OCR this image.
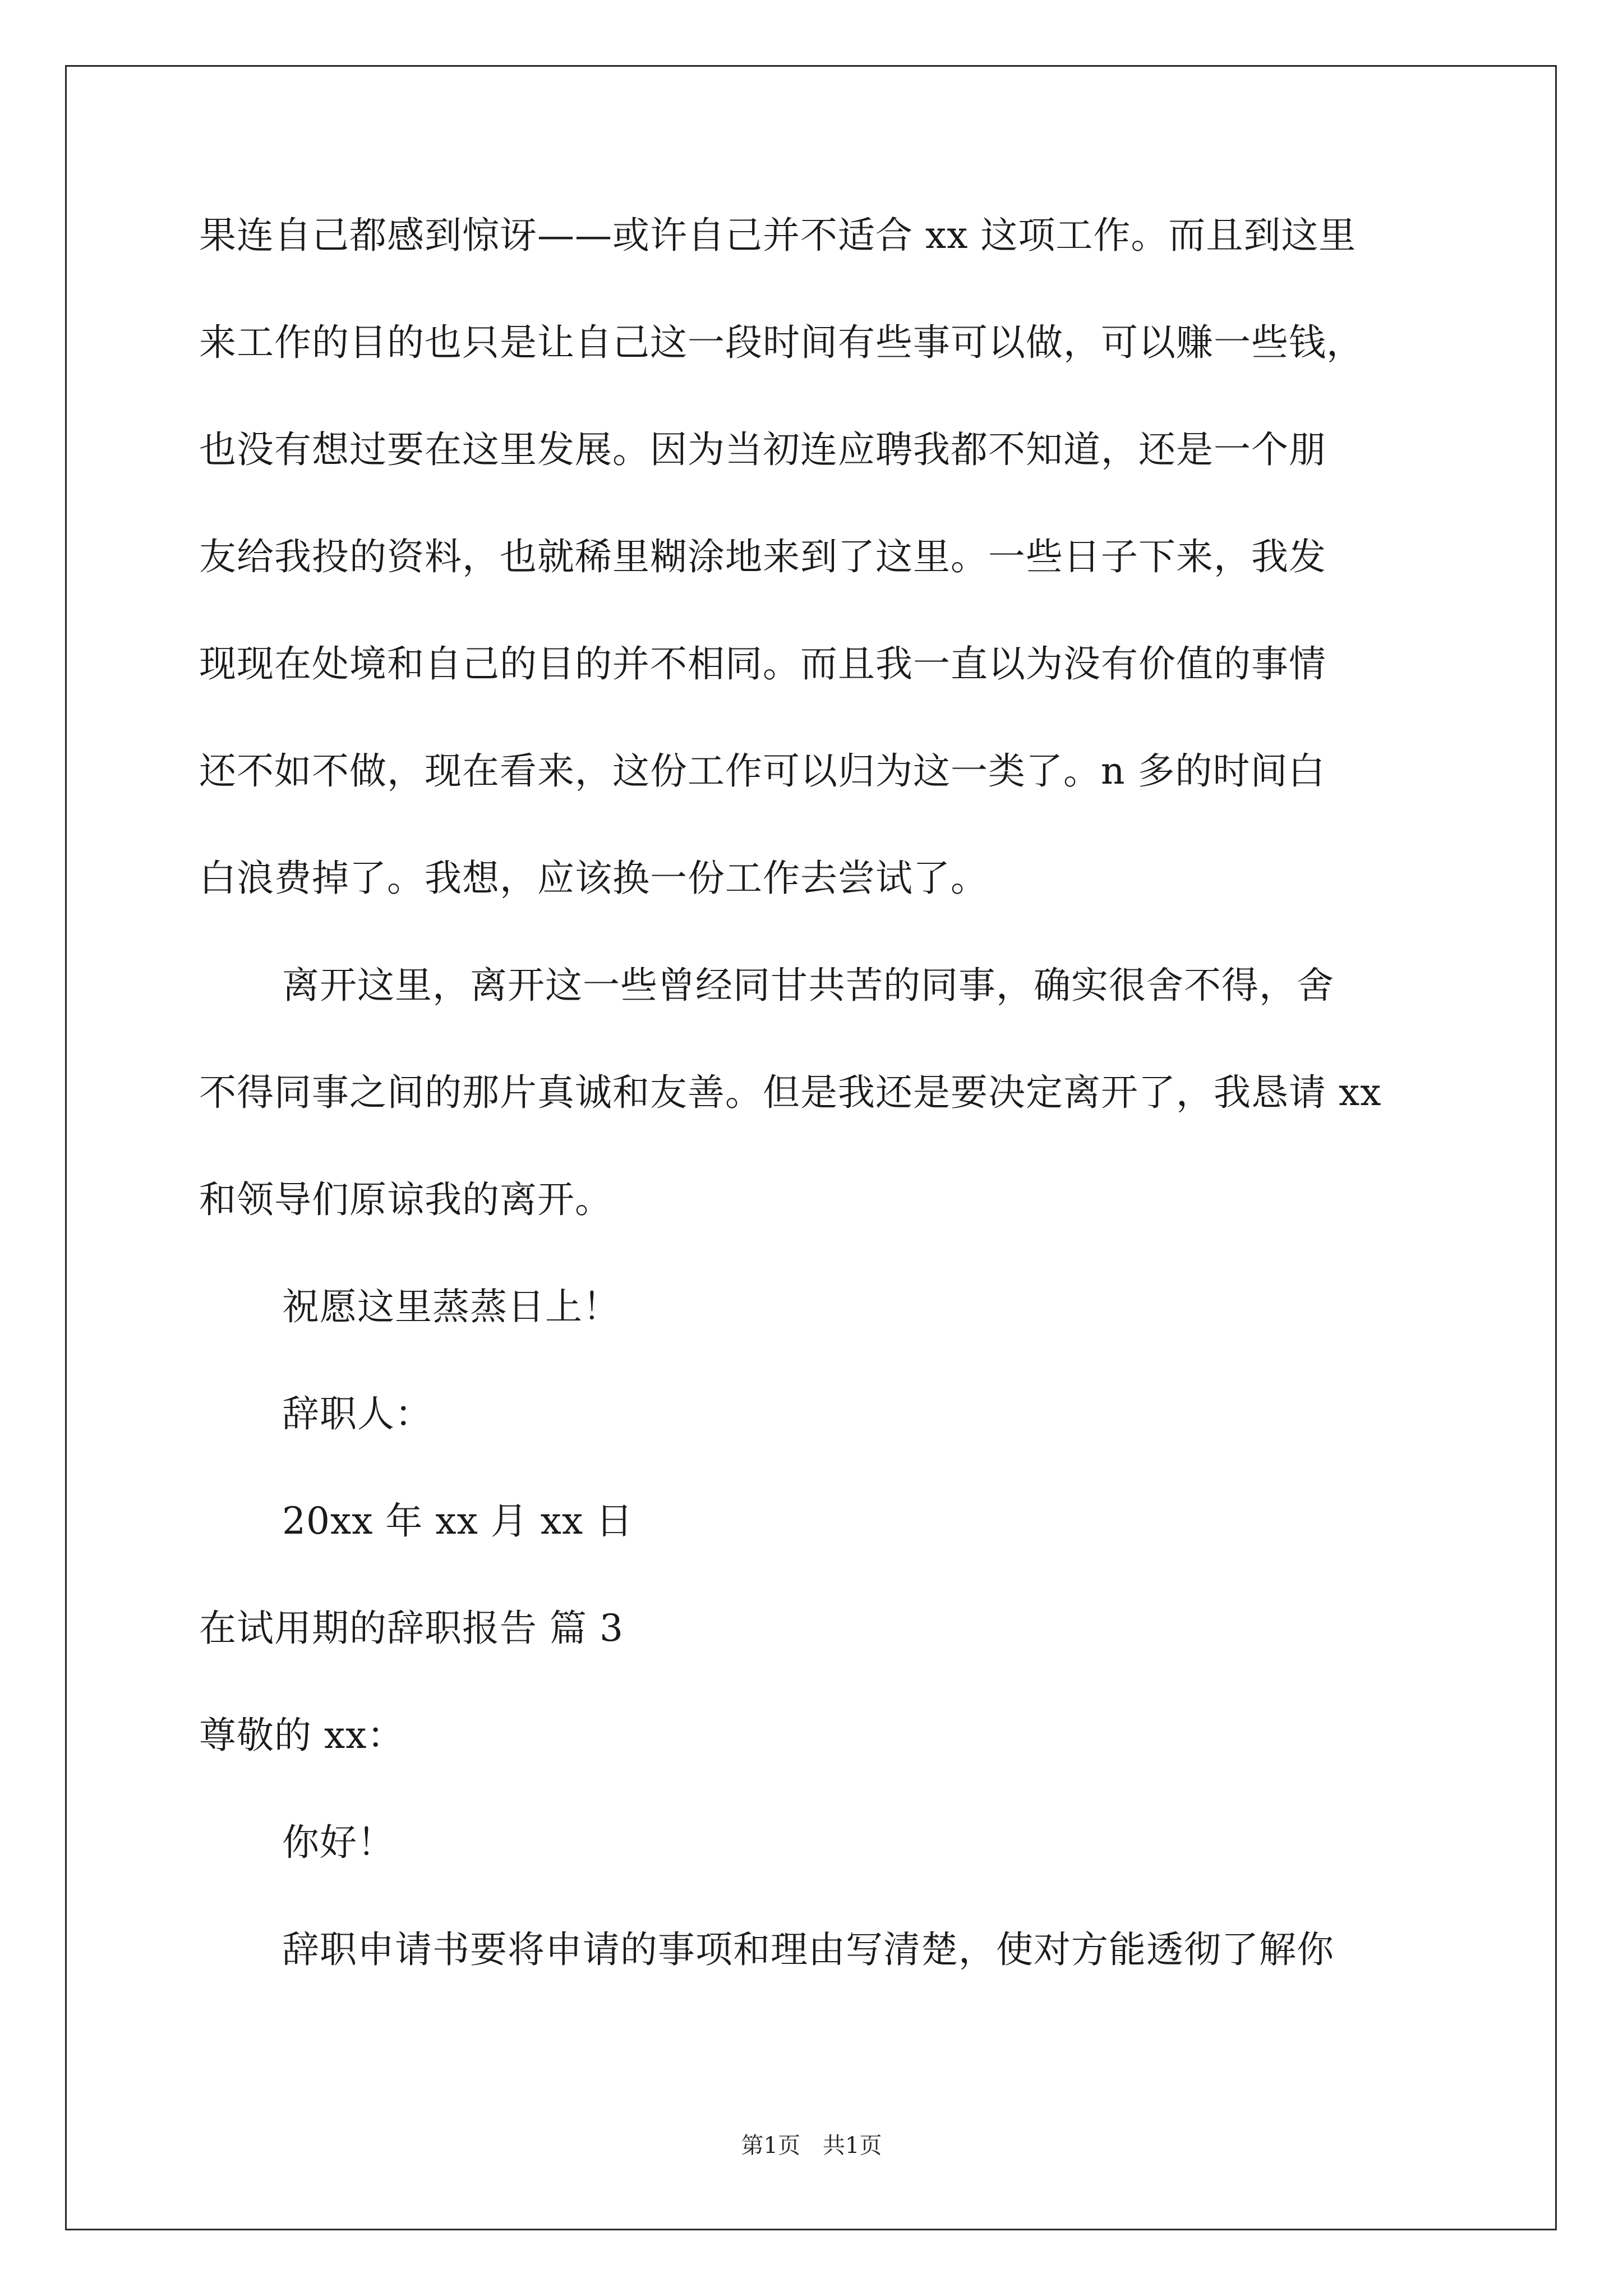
果连自己都感到惊讶——或许自己并不适合 xx 这项工作。而且到这里
来工作的目的也只是让自己这一段时间有些事可以做，可以赚一些钱，
也没有想过要在这里发展。因为当初连应聘我都不知道，还是一个朋
友给我投的资料，也就稀里糊涂地来到了这里。一些日子下来，我发
现现在处境和自己的目的并不相同。而且我一直以为没有价值的事情
还不如不做，现在看来，这份工作可以归为这一类了。n 多的时间白
白浪费掉了。我想，应该换一份工作去尝试了。
离开这里，离开这一些曾经同甘共苦的同事，确实很舍不得，舍
不得同事之间的那片真诚和友善。但是我还是要决定离开了，我恳请 xx
和领导们原谅我的离开。
祝愿这里蒸蒸日上！
辞职人：
20xx 年 xx 月 xx 日
在试用期的辞职报告 篇 3
尊敬的 xx：
你好！
辞职申请书要将申请的事项和理由写清楚，使对方能透彻了解你
第1页　共1页
